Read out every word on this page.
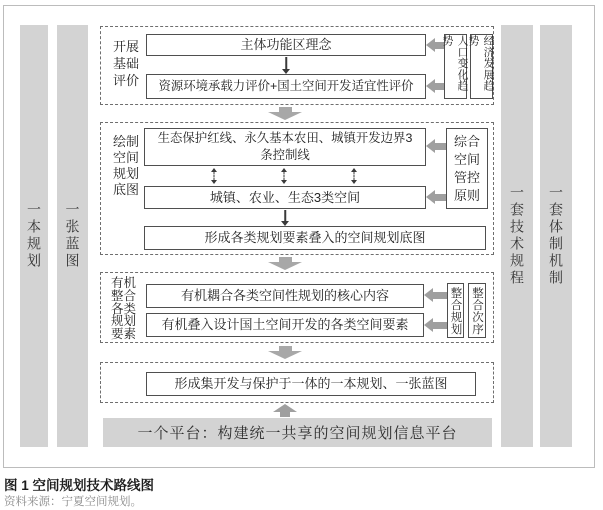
一本规划 一张蓝图	一套技术规程 一套体制机制
开展基础评价
主体功能区理念
资源环境承载力评价+国土空间开发适宜性评价	人口变化趋势	经济发展趋势
绘制空间规划底图
生态保护红线、永久基本农田、城镇开发边界3条控制线
城镇、农业、生态3类空间
形成各类规划要素叠入的空间规划底图
综合空间管控原则
有机整合各类规划要素
有机耦合各类空间性规划的核心内容
有机叠入设计国土空间开发的各类空间要素	整合规划 整合次序
形成集开发与保护于一体的一本规划、一张蓝图
一个平台：构建统一共享的空间规划信息平台
图 1 空间规划技术路线图
资料来源：宁夏空间规划。
